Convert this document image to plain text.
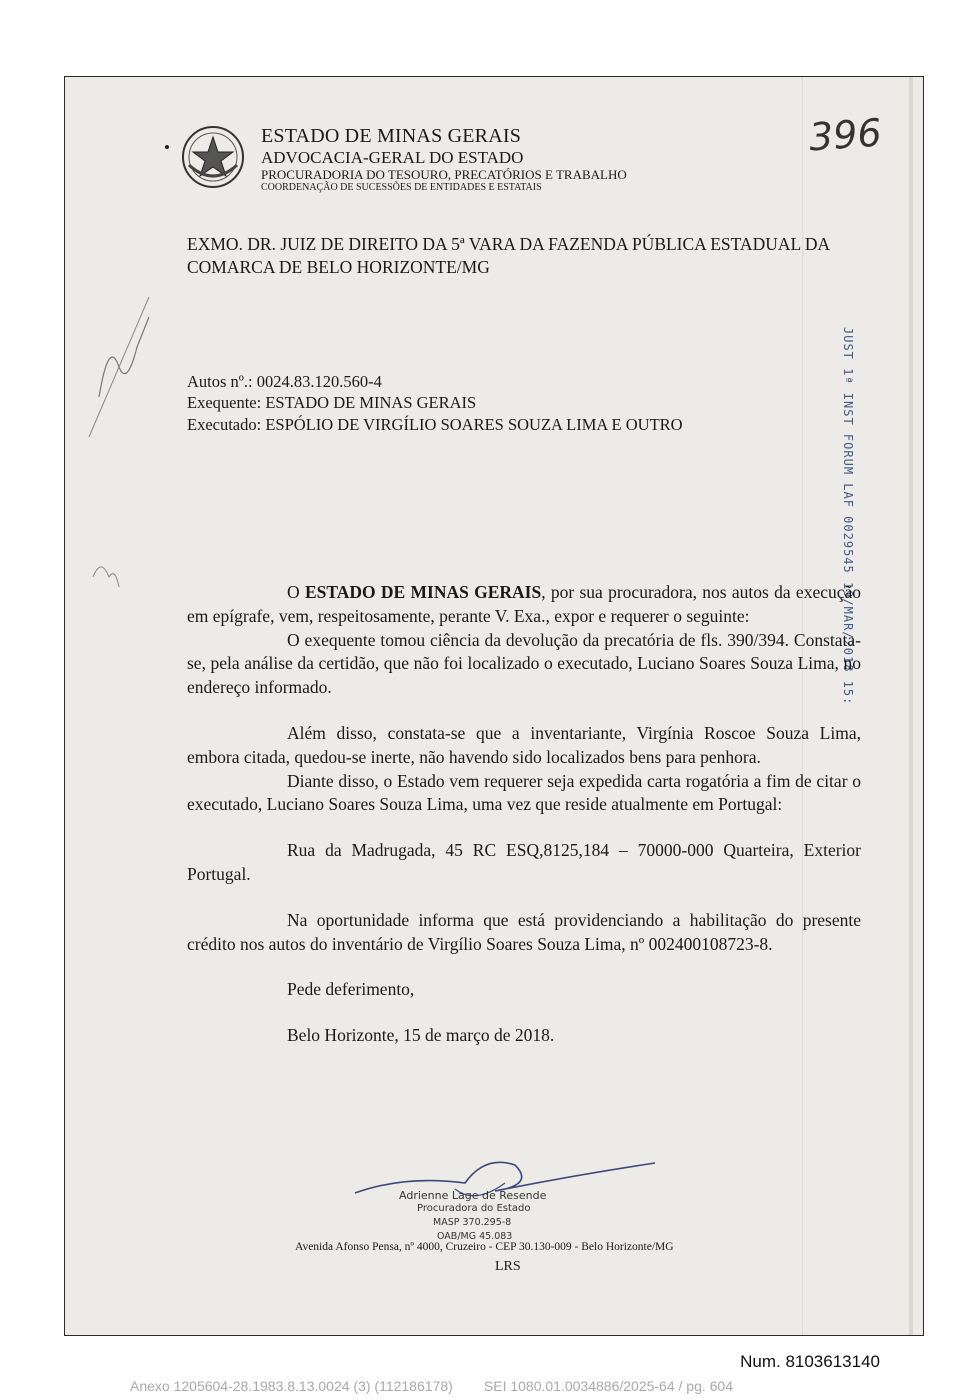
ESTADO DE MINAS GERAIS
ADVOCACIA-GERAL DO ESTADO
PROCURADORIA DO TESOURO, PRECATÓRIOS E TRABALHO
COORDENAÇÃO DE SUCESSÕES DE ENTIDADES E ESTATAIS
396
EXMO. DR. JUIZ DE DIREITO DA 5ª VARA DA FAZENDA PÚBLICA ESTADUAL DA COMARCA DE BELO HORIZONTE/MG
Autos nº.: 0024.83.120.560-4
Exequente: ESTADO DE MINAS GERAIS
Executado: ESPÓLIO DE VIRGÍLIO SOARES SOUZA LIMA E OUTRO	JUST 1ª INST FORUM LAF 0029545 19/MAR/2018 15:

O ESTADO DE MINAS GERAIS, por sua procuradora, nos autos da execução em epígrafe, vem, respeitosamente, perante V. Exa., expor e requerer o seguinte:

O exequente tomou ciência da devolução da precatória de fls. 390/394. Constata-se, pela análise da certidão, que não foi localizado o executado, Luciano Soares Souza Lima, no endereço informado.

Além disso, constata-se que a inventariante, Virgínia Roscoe Souza Lima, embora citada, quedou-se inerte, não havendo sido localizados bens para penhora.

Diante disso, o Estado vem requerer seja expedida carta rogatória a fim de citar o executado, Luciano Soares Souza Lima, uma vez que reside atualmente em Portugal:

Rua da Madrugada, 45 RC ESQ,8125,184 – 70000-000 Quarteira, Exterior Portugal.

Na oportunidade informa que está providenciando a habilitação do presente crédito nos autos do inventário de Virgílio Soares Souza Lima, nº 002400108723-8.

Pede deferimento,

Belo Horizonte, 15 de março de 2018.

Adrienne Lage de Resende
Procuradora do Estado
MASP 370.295-8
OAB/MG 45.083
Avenida Afonso Pensa, nº 4000, Cruzeiro - CEP 30.130-009 - Belo Horizonte/MG
LRS
Num. 8103613140
Anexo 1205604-28.1983.8.13.0024 (3) (112186178)        SEI 1080.01.0034886/2025-64 / pg. 604
